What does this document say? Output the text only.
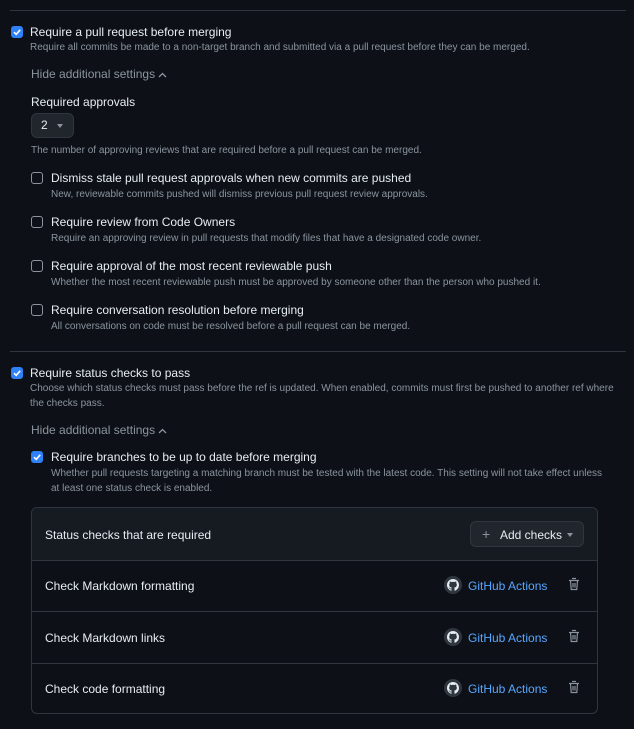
Require a pull request before merging
Require all commits be made to a non-target branch and submitted via a pull request before they can be merged.
Hide additional settings
Required approvals
2
The number of approving reviews that are required before a pull request can be merged.
Dismiss stale pull request approvals when new commits are pushed
New, reviewable commits pushed will dismiss previous pull request review approvals.
Require review from Code Owners
Require an approving review in pull requests that modify files that have a designated code owner.
Require approval of the most recent reviewable push
Whether the most recent reviewable push must be approved by someone other than the person who pushed it.
Require conversation resolution before merging
All conversations on code must be resolved before a pull request can be merged.
Require status checks to pass
Choose which status checks must pass before the ref is updated. When enabled, commits must first be pushed to another ref where the checks pass.
Hide additional settings
Require branches to be up to date before merging
Whether pull requests targeting a matching branch must be tested with the latest code. This setting will not take effect unless at least one status check is enabled.
Status checks that are required	+ Add checks
Check Markdown formatting	GitHub Actions
Check Markdown links	GitHub Actions
Check code formatting	GitHub Actions
